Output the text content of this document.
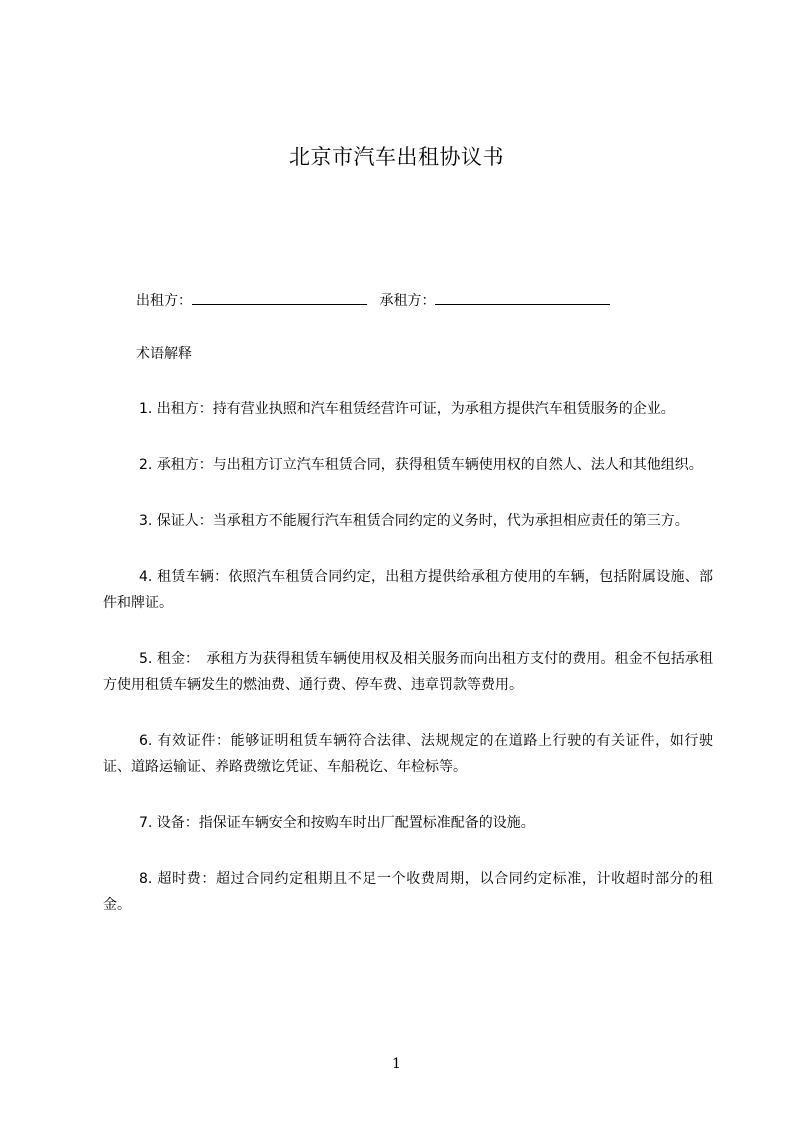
北京市汽车出租协议书
出租方：	承租方：
术语解释

1. 出租方：持有营业执照和汽车租赁经营许可证，为承租方提供汽车租赁服务的企业。

2. 承租方：与出租方订立汽车租赁合同，获得租赁车辆使用权的自然人、法人和其他组织。

3. 保证人：当承租方不能履行汽车租赁合同约定的义务时，代为承担相应责任的第三方。

4. 租赁车辆：依照汽车租赁合同约定，出租方提供给承租方使用的车辆，包括附属设施、部件和牌证。

5. 租金：　承租方为获得租赁车辆使用权及相关服务而向出租方支付的费用。租金不包括承租方使用租赁车辆发生的燃油费、通行费、停车费、违章罚款等费用。

6. 有效证件：能够证明租赁车辆符合法律、法规规定的在道路上行驶的有关证件，如行驶证、道路运输证、养路费缴讫凭证、车船税讫、年检标等。

7. 设备：指保证车辆安全和按购车时出厂配置标准配备的设施。

8. 超时费：超过合同约定租期且不足一个收费周期，以合同约定标准，计收超时部分的租金。

1
